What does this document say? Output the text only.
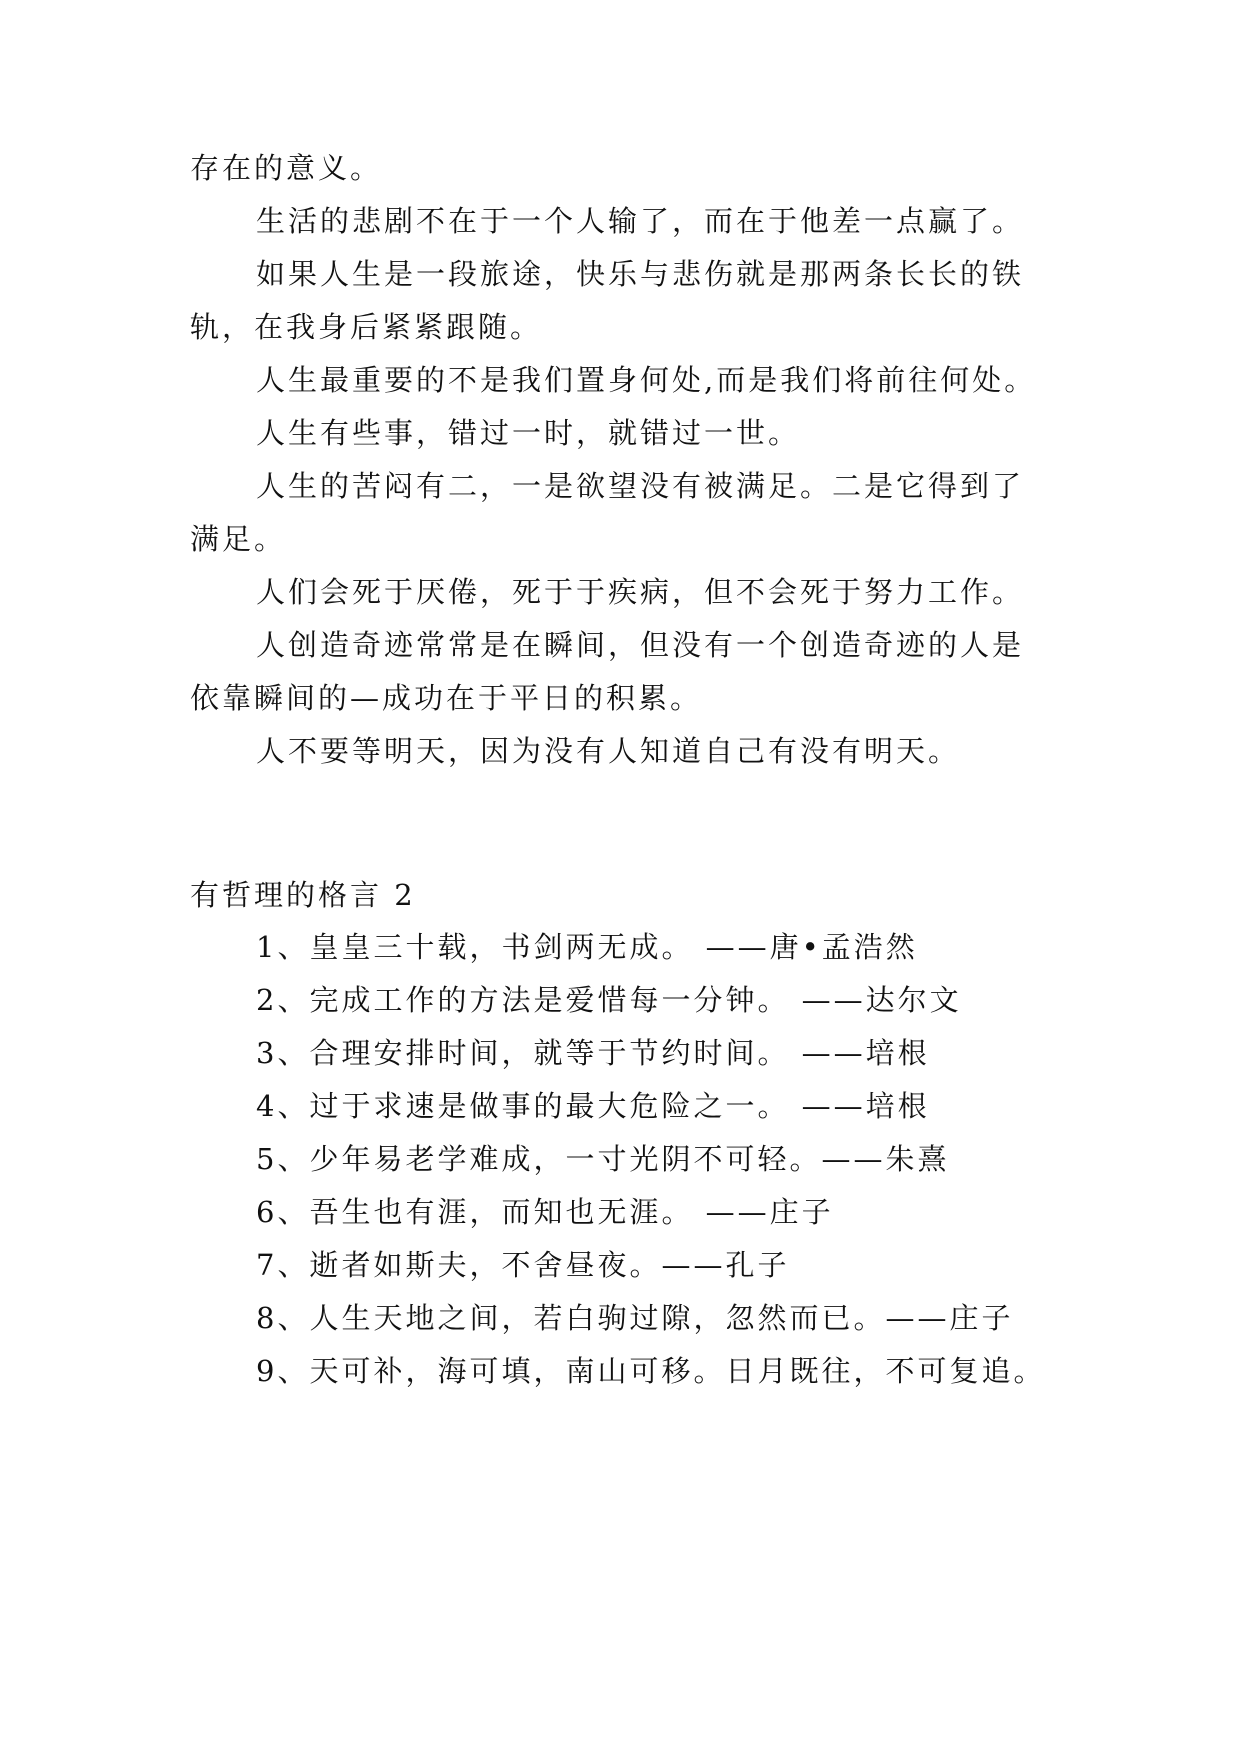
存在的意义。
生活的悲剧不在于一个人输了，而在于他差一点赢了。
如果人生是一段旅途，快乐与悲伤就是那两条长长的铁
轨，在我身后紧紧跟随。
人生最重要的不是我们置身何处,而是我们将前往何处。
人生有些事，错过一时，就错过一世。
人生的苦闷有二，一是欲望没有被满足。二是它得到了
满足。
人们会死于厌倦，死于于疾病，但不会死于努力工作。
人创造奇迹常常是在瞬间，但没有一个创造奇迹的人是
依靠瞬间的—成功在于平日的积累。
人不要等明天，因为没有人知道自己有没有明天。
有哲理的格言 2
1、皇皇三十载，书剑两无成。 ——唐•孟浩然
2、完成工作的方法是爱惜每一分钟。 ——达尔文
3、合理安排时间，就等于节约时间。 ——培根
4、过于求速是做事的最大危险之一。 ——培根
5、少年易老学难成，一寸光阴不可轻。——朱熹
6、吾生也有涯，而知也无涯。 ——庄子
7、逝者如斯夫，不舍昼夜。——孔子
8、人生天地之间，若白驹过隙，忽然而已。——庄子
9、天可补，海可填，南山可移。日月既往，不可复追。
